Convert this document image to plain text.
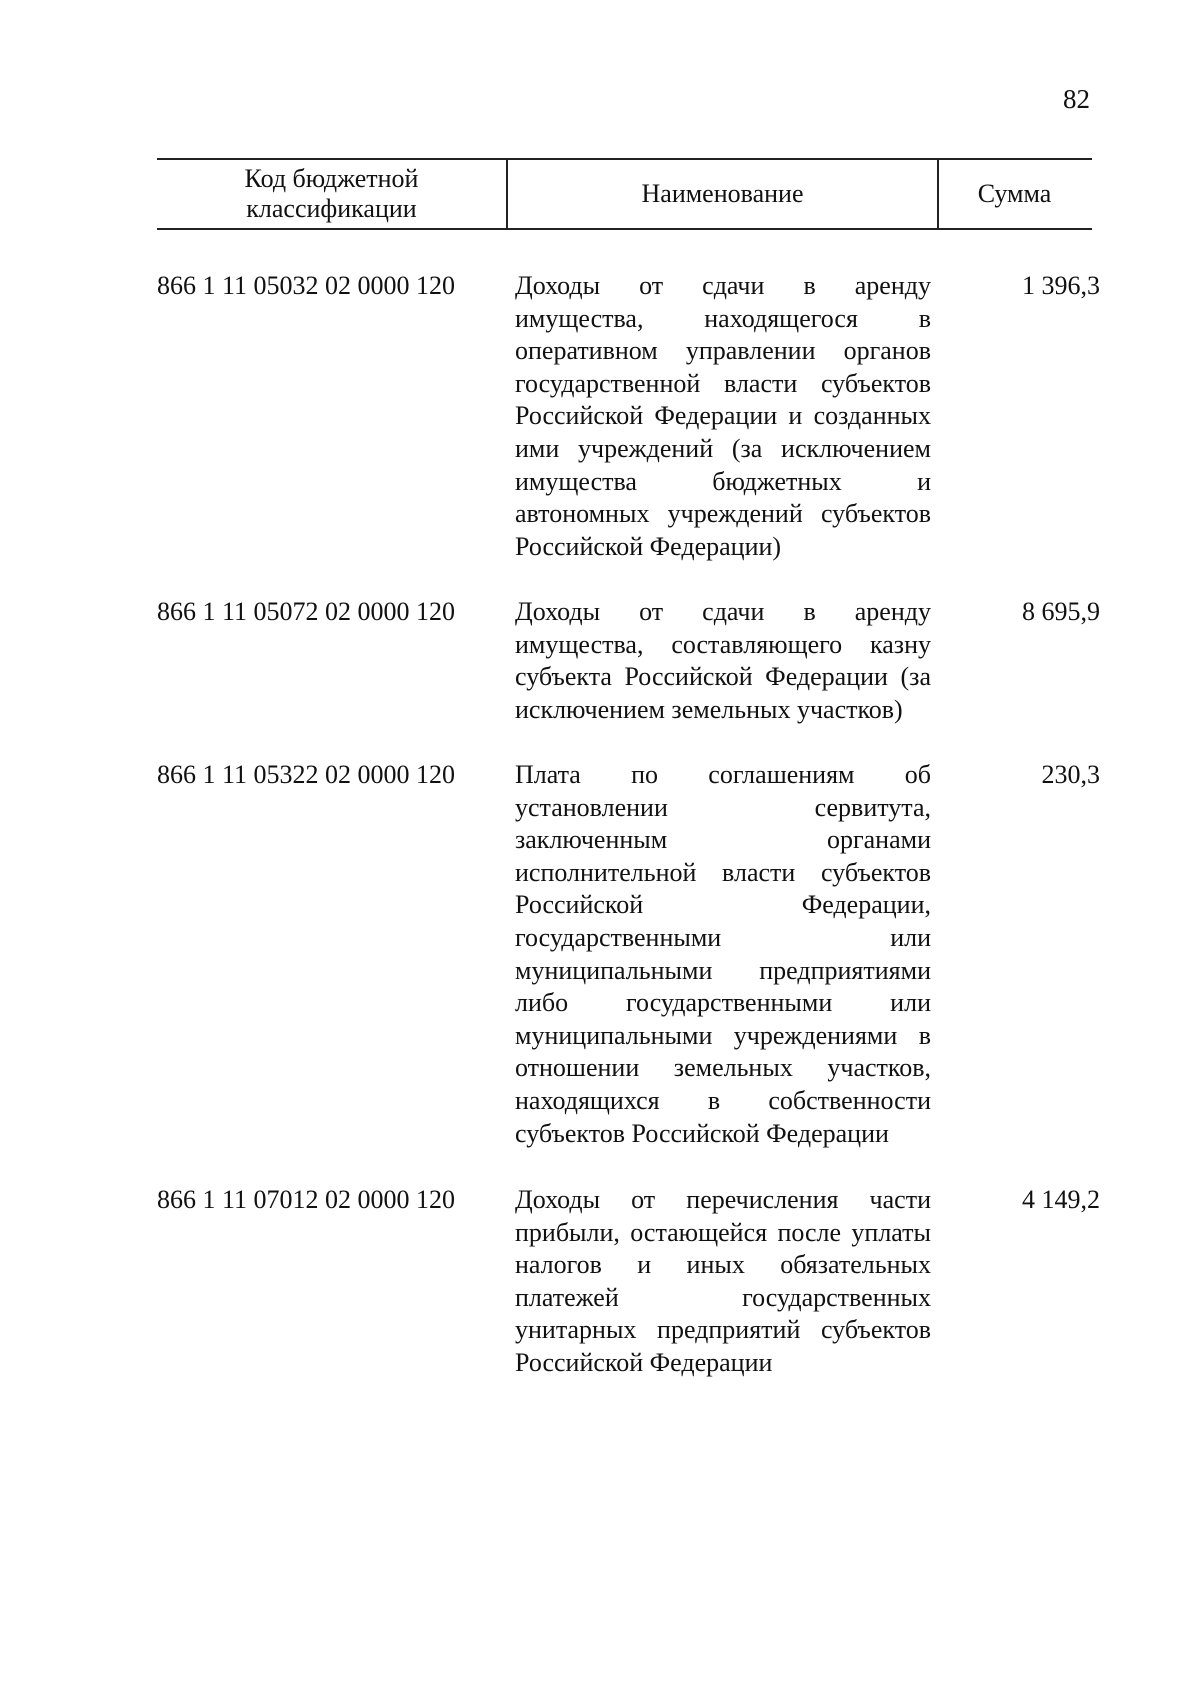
82
Код бюджетной классификации
Наименование	Сумма
866 1 11 05032 02 0000 120 Доходы от сдачи в аренду имущества, находящегося в оперативном управлении органов государственной власти субъектов Российской Федерации и созданных ими учреждений (за исключением имущества бюджетных и автономных учреждений субъектов Российской Федерации)
1 396,3
866 1 11 05072 02 0000 120 Доходы от сдачи в аренду имущества, составляющего казну субъекта Российской Федерации (за исключением земельных участков)
8 695,9
866 1 11 05322 02 0000 120 Плата по соглашениям об установлении сервитута, заключенным органами исполнительной власти субъектов Российской Федерации, государственными или муниципальными предприятиями либо государственными или муниципальными учреждениями в отношении земельных участков, находящихся в собственности субъектов Российской Федерации
230,3
866 1 11 07012 02 0000 120 Доходы от перечисления части прибыли, остающейся после уплаты налогов и иных обязательных платежей государственных унитарных предприятий субъектов Российской Федерации
4 149,2
